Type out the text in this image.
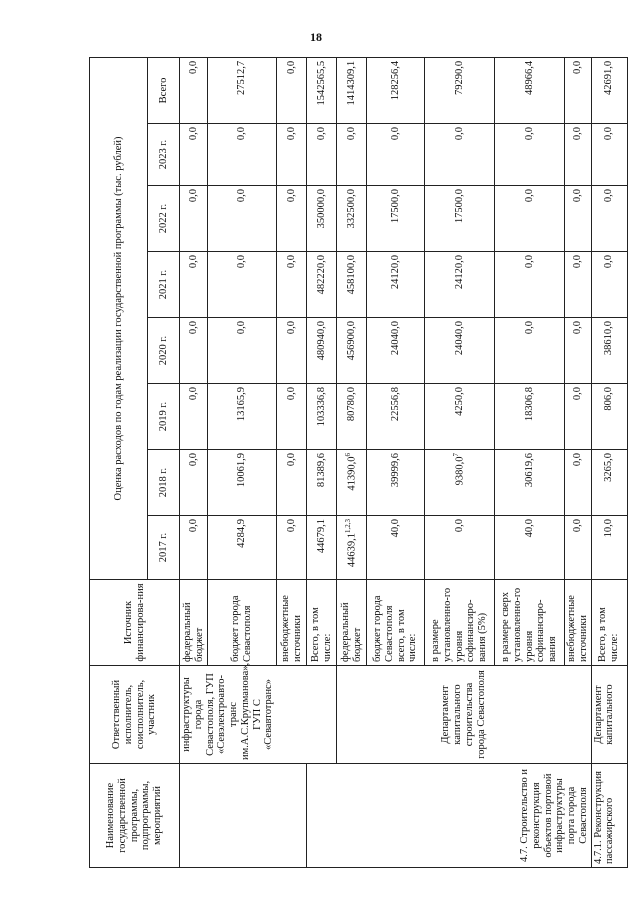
18
Наименование государственной программы, подпрограммы, мероприятий	Ответственный исполнитель, соисполнитель, участник	Источник финансирова-ния	Оценка расходов по годам реализации государственной программы (тыс. рублей)							
			2017 г.	2018 г.	2019 г.	2020 г.	2021 г.	2022 г.	2023 г.	Всего
	инфраструктуры города Севастополя, ГУП «Севэлектроавто-транс им.А.С.Крупманова», ГУП С «Севавтотранс»	федеральный бюджет	0,0	0,0	0,0	0,0	0,0	0,0	0,0	0,0
		бюджет города Севастополя	4284,9	10061,9	13165,9	0,0	0,0	0,0	0,0	27512,7
		внебюджетные источники	0,0	0,0	0,0	0,0	0,0	0,0	0,0	0,0
4.7. Строительство и реконструкция объектов портовой инфраструктуры порта города Севастополя		Всего, в том числе:	44679,1	81389,6	103336,8	480940,0	482220,0	350000,0	0,0	1542565,5
	Департамент капитального строительства города Севастополя	федеральный бюджет	44639,1$^{1,2,3}$	41390,0$^6$	80780,0	456900,0	458100,0	332500,0	0,0	1414309,1
		бюджет города Севастополя всего, в том числе:	40,0	39999,6	22556,8	24040,0	24120,0	17500,0	0,0	128256,4
		в размере установленно-го уровня софинансиро-вания (5%)	0,0	9380,0$^7$	4250,0	24040,0	24120,0	17500,0	0,0	79290,0
		в размере сверх установленно-го уровня софинансиро-вания	40,0	30619,6	18306,8	0,0	0,0	0,0	0,0	48966,4
		внебюджетные источники	0,0	0,0	0,0	0,0	0,0	0,0	0,0	0,0
4.7.1. Реконструкция пассажирского	Департамент капитального	Всего, в том числе:	10,0	3265,0	806,0	38610,0	0,0	0,0	0,0	42691,0
